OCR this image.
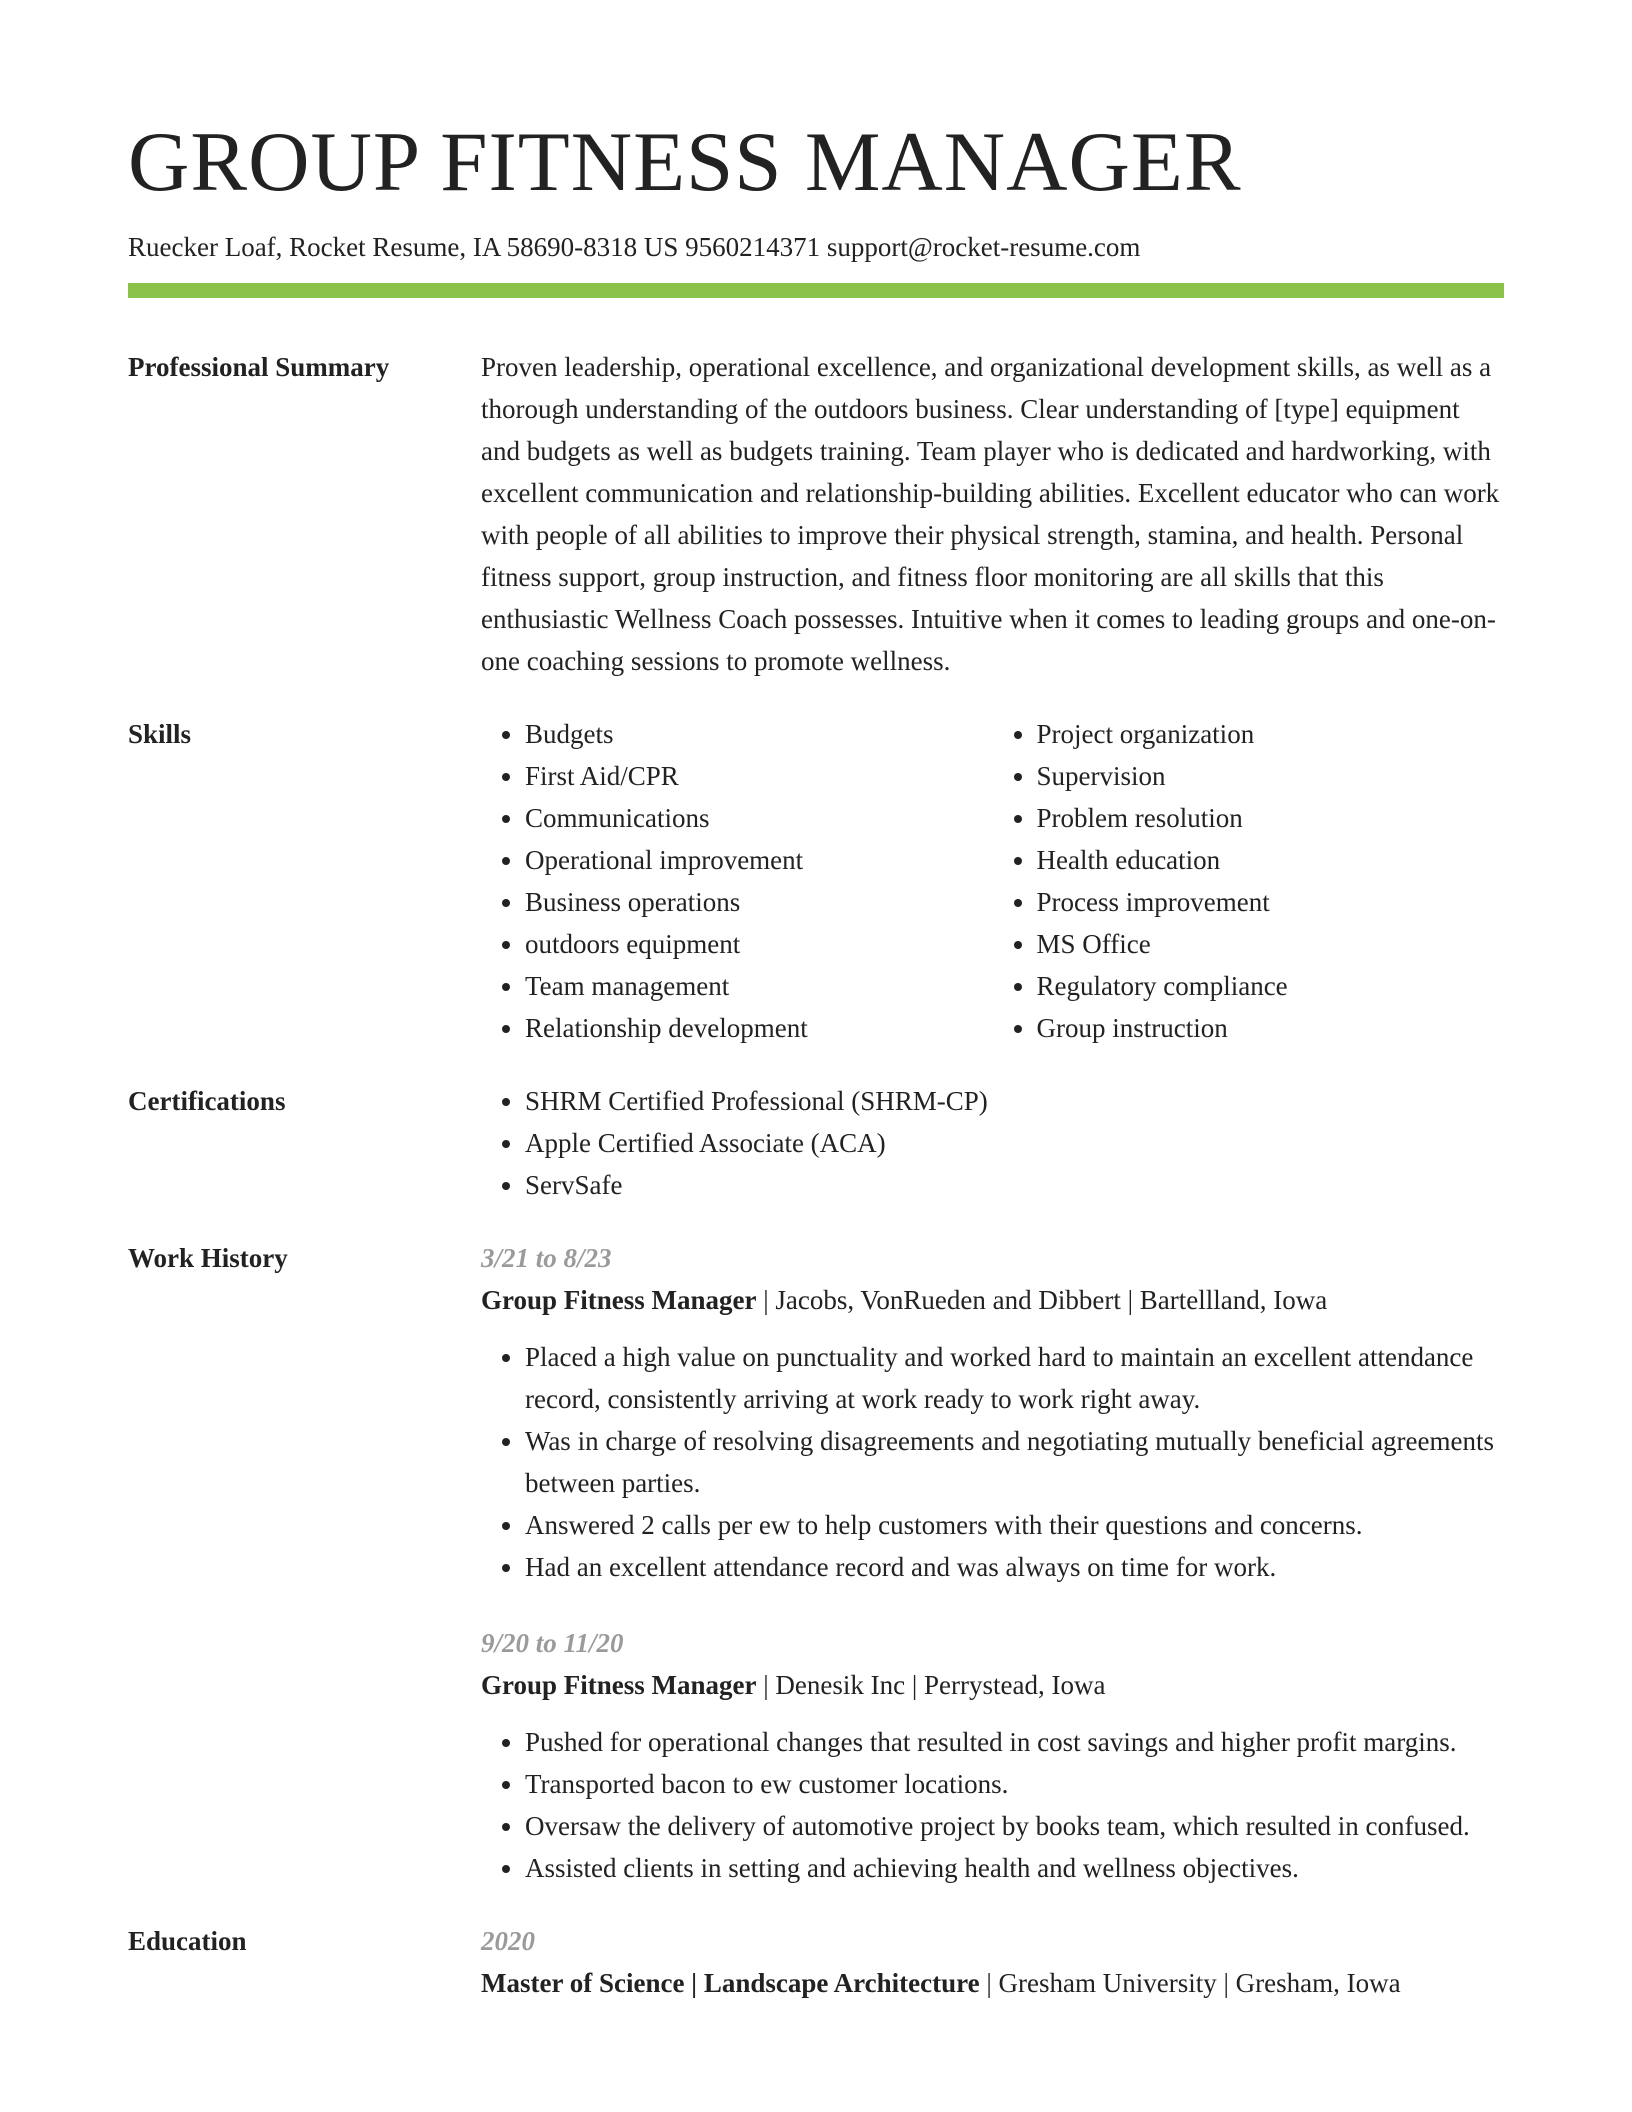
GROUP FITNESS MANAGER
Ruecker Loaf, Rocket Resume, IA 58690-8318 US 9560214371 support@rocket-resume.com
Professional Summary	Proven leadership, operational excellence, and organizational development skills, as well as a thorough understanding of the outdoors business. Clear understanding of [type] equipment and budgets as well as budgets training. Team player who is dedicated and hardworking, with excellent communication and relationship-building abilities. Excellent educator who can work with people of all abilities to improve their physical strength, stamina, and health. Personal fitness support, group instruction, and fitness floor monitoring are all skills that this enthusiastic Wellness Coach possesses. Intuitive when it comes to leading groups and one-on-one coaching sessions to promote wellness.

Skills	• Budgets
• First Aid/CPR
• Communications
• Operational improvement
• Business operations
• outdoors equipment
• Team management
• Relationship development
• Project organization
• Supervision
• Problem resolution
• Health education
• Process improvement
• MS Office
• Regulatory compliance
• Group instruction
Certifications	• SHRM Certified Professional (SHRM-CP)
• Apple Certified Associate (ACA)
• ServSafe
Work History	3/21 to 8/23
Group Fitness Manager | Jacobs, VonRueden and Dibbert | Bartellland, Iowa
• Placed a high value on punctuality and worked hard to maintain an excellent attendance record, consistently arriving at work ready to work right away.
• Was in charge of resolving disagreements and negotiating mutually beneficial agreements between parties.
• Answered 2 calls per ew to help customers with their questions and concerns.
• Had an excellent attendance record and was always on time for work.
9/20 to 11/20
Group Fitness Manager | Denesik Inc | Perrystead, Iowa
• Pushed for operational changes that resulted in cost savings and higher profit margins.
• Transported bacon to ew customer locations.
• Oversaw the delivery of automotive project by books team, which resulted in confused.
• Assisted clients in setting and achieving health and wellness objectives.
Education	2020
Master of Science | Landscape Architecture | Gresham University | Gresham, Iowa
